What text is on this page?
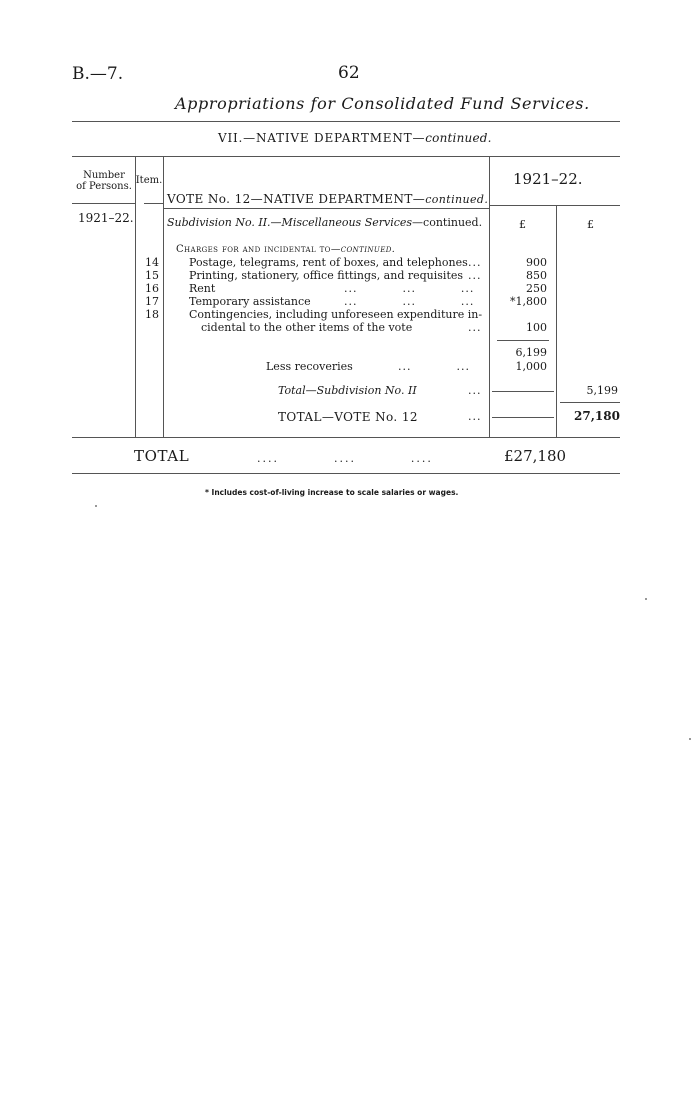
B.—7.	62
Appropriations for Consolidated Fund Services.
VII.—NATIVE DEPARTMENT—continued.
Number
of Persons.
Item.	1921–22.
1921–22.
VOTE No. 12—NATIVE DEPARTMENT—continued.
Subdivision No. II.—Miscellaneous Services—continued.	£	£
Charges for and incidental to—continued.
14	Postage, telegrams, rent of boxes, and telephones ...	900
15	Printing, stationery, office fittings, and requisites ...	850
16	Rent	...          ...          ...	250
17	Temporary assistance	...          ...          ...	*1,800
18	Contingencies, including unforeseen expenditure in-
cidental to the other items of the vote	...	100
6,199
Less recoveries	...          ...	1,000
Total—Subdivision No. II	...	5,199
TOTAL—VOTE No. 12	...	27,180
TOTAL	....          ....          ....	£27,180
* Includes cost-of-living increase to scale salaries or wages.
